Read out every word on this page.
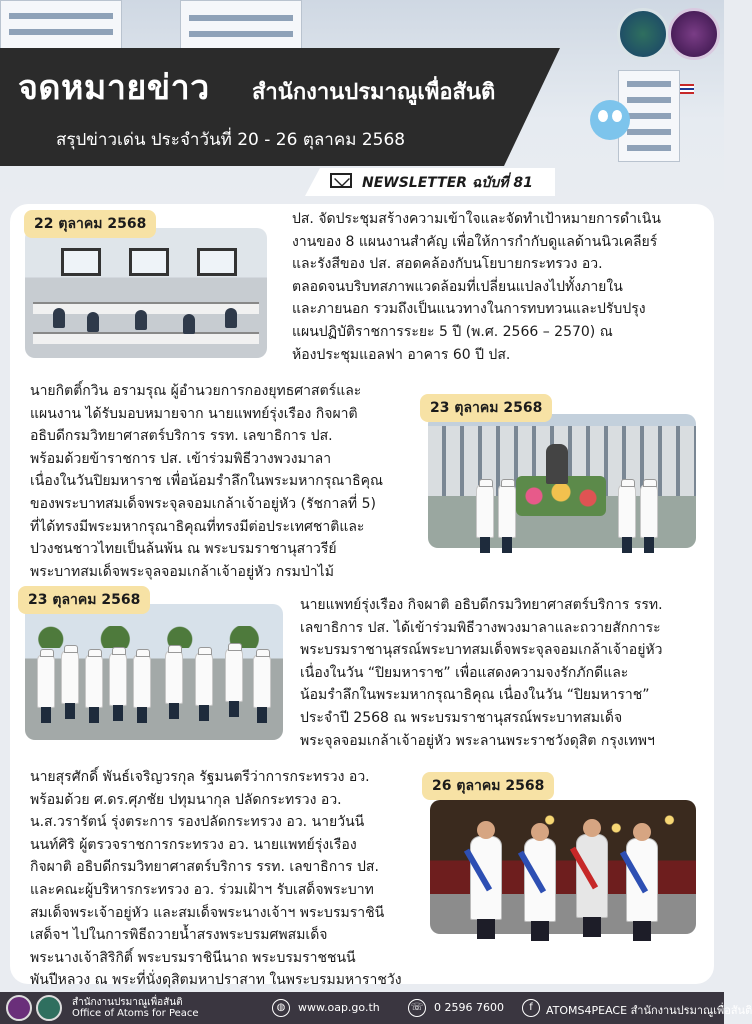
จดหมายข่าว สำนักงานปรมาณูเพื่อสันติ
สรุปข่าวเด่น ประจำวันที่ 20 - 26 ตุลาคม 2568
NEWSLETTER ฉบับที่ 81
22 ตุลาคม 2568	ปส. จัดประชุมสร้างความเข้าใจและจัดทำเป้าหมายการดำเนิน
งานของ 8 แผนงานสำคัญ เพื่อให้การกำกับดูแลด้านนิวเคลียร์
และรังสีของ ปส. สอดคล้องกับนโยบายกระทรวง อว.
ตลอดจนบริบทสภาพแวดล้อมที่เปลี่ยนแปลงไปทั้งภายใน
และภายนอก รวมถึงเป็นแนวทางในการทบทวนและปรับปรุง
แผนปฏิบัติราชการระยะ 5 ปี (พ.ศ. 2566 – 2570) ณ
ห้องประชุมแอลฟา อาคาร 60 ปี ปส.
นายกิตติ์กวิน อรามรุณ ผู้อำนวยการกองยุทธศาสตร์และ
แผนงาน ได้รับมอบหมายจาก นายแพทย์รุ่งเรือง กิจผาติ
อธิบดีกรมวิทยาศาสตร์บริการ รรท. เลขาธิการ ปส.
พร้อมด้วยข้าราชการ ปส. เข้าร่วมพิธีวางพวงมาลา
เนื่องในวันปิยมหาราช เพื่อน้อมรำลึกในพระมหากรุณาธิคุณ
ของพระบาทสมเด็จพระจุลจอมเกล้าเจ้าอยู่หัว (รัชกาลที่ 5)
ที่ได้ทรงมีพระมหากรุณาธิคุณที่ทรงมีต่อประเทศชาติและ
ปวงชนชาวไทยเป็นล้นพ้น ณ พระบรมราชานุสาวรีย์
พระบาทสมเด็จพระจุลจอมเกล้าเจ้าอยู่หัว กรมป่าไม้
23 ตุลาคม 2568
23 ตุลาคม 2568	นายแพทย์รุ่งเรือง กิจผาติ อธิบดีกรมวิทยาศาสตร์บริการ รรท.
เลขาธิการ ปส. ได้เข้าร่วมพิธีวางพวงมาลาและถวายสักการะ
พระบรมราชานุสรณ์พระบาทสมเด็จพระจุลจอมเกล้าเจ้าอยู่หัว
เนื่องในวัน “ปิยมหาราช” เพื่อแสดงความจงรักภักดีและ
น้อมรำลึกในพระมหากรุณาธิคุณ เนื่องในวัน “ปิยมหาราช”
ประจำปี 2568 ณ พระบรมราชานุสรณ์พระบาทสมเด็จ
พระจุลจอมเกล้าเจ้าอยู่หัว พระลานพระราชวังดุสิต กรุงเทพฯ
นายสุรศักดิ์ พันธ์เจริญวรกุล รัฐมนตรีว่าการกระทรวง อว.
พร้อมด้วย ศ.ดร.ศุภชัย ปทุมนากุล ปลัดกระทรวง อว.
น.ส.วรารัตน์ รุ่งตระการ รองปลัดกระทรวง อว. นายวันนี
นนท์ศิริ ผู้ตรวจราชการกระทรวง อว. นายแพทย์รุ่งเรือง
กิจผาติ อธิบดีกรมวิทยาศาสตร์บริการ รรท. เลขาธิการ ปส.
และคณะผู้บริหารกระทรวง อว. ร่วมเฝ้าฯ รับเสด็จพระบาท
สมเด็จพระเจ้าอยู่หัว และสมเด็จพระนางเจ้าฯ พระบรมราชินี
เสด็จฯ ไปในการพิธีถวายน้ำสรงพระบรมศพสมเด็จ
พระนางเจ้าสิริกิติ์ พระบรมราชินีนาถ พระบรมราชชนนี
พันปีหลวง ณ พระที่นั่งดุสิตมหาปราสาท ในพระบรมมหาราชวัง
26 ตุลาคม 2568
สำนักงานปรมาณูเพื่อสันติ
Office of Atoms for Peace
◍	www.oap.go.th	☏ 0 2596 7600	f	ATOMS4PEACE สำนักงานปรมาณูเพื่อสันติ
